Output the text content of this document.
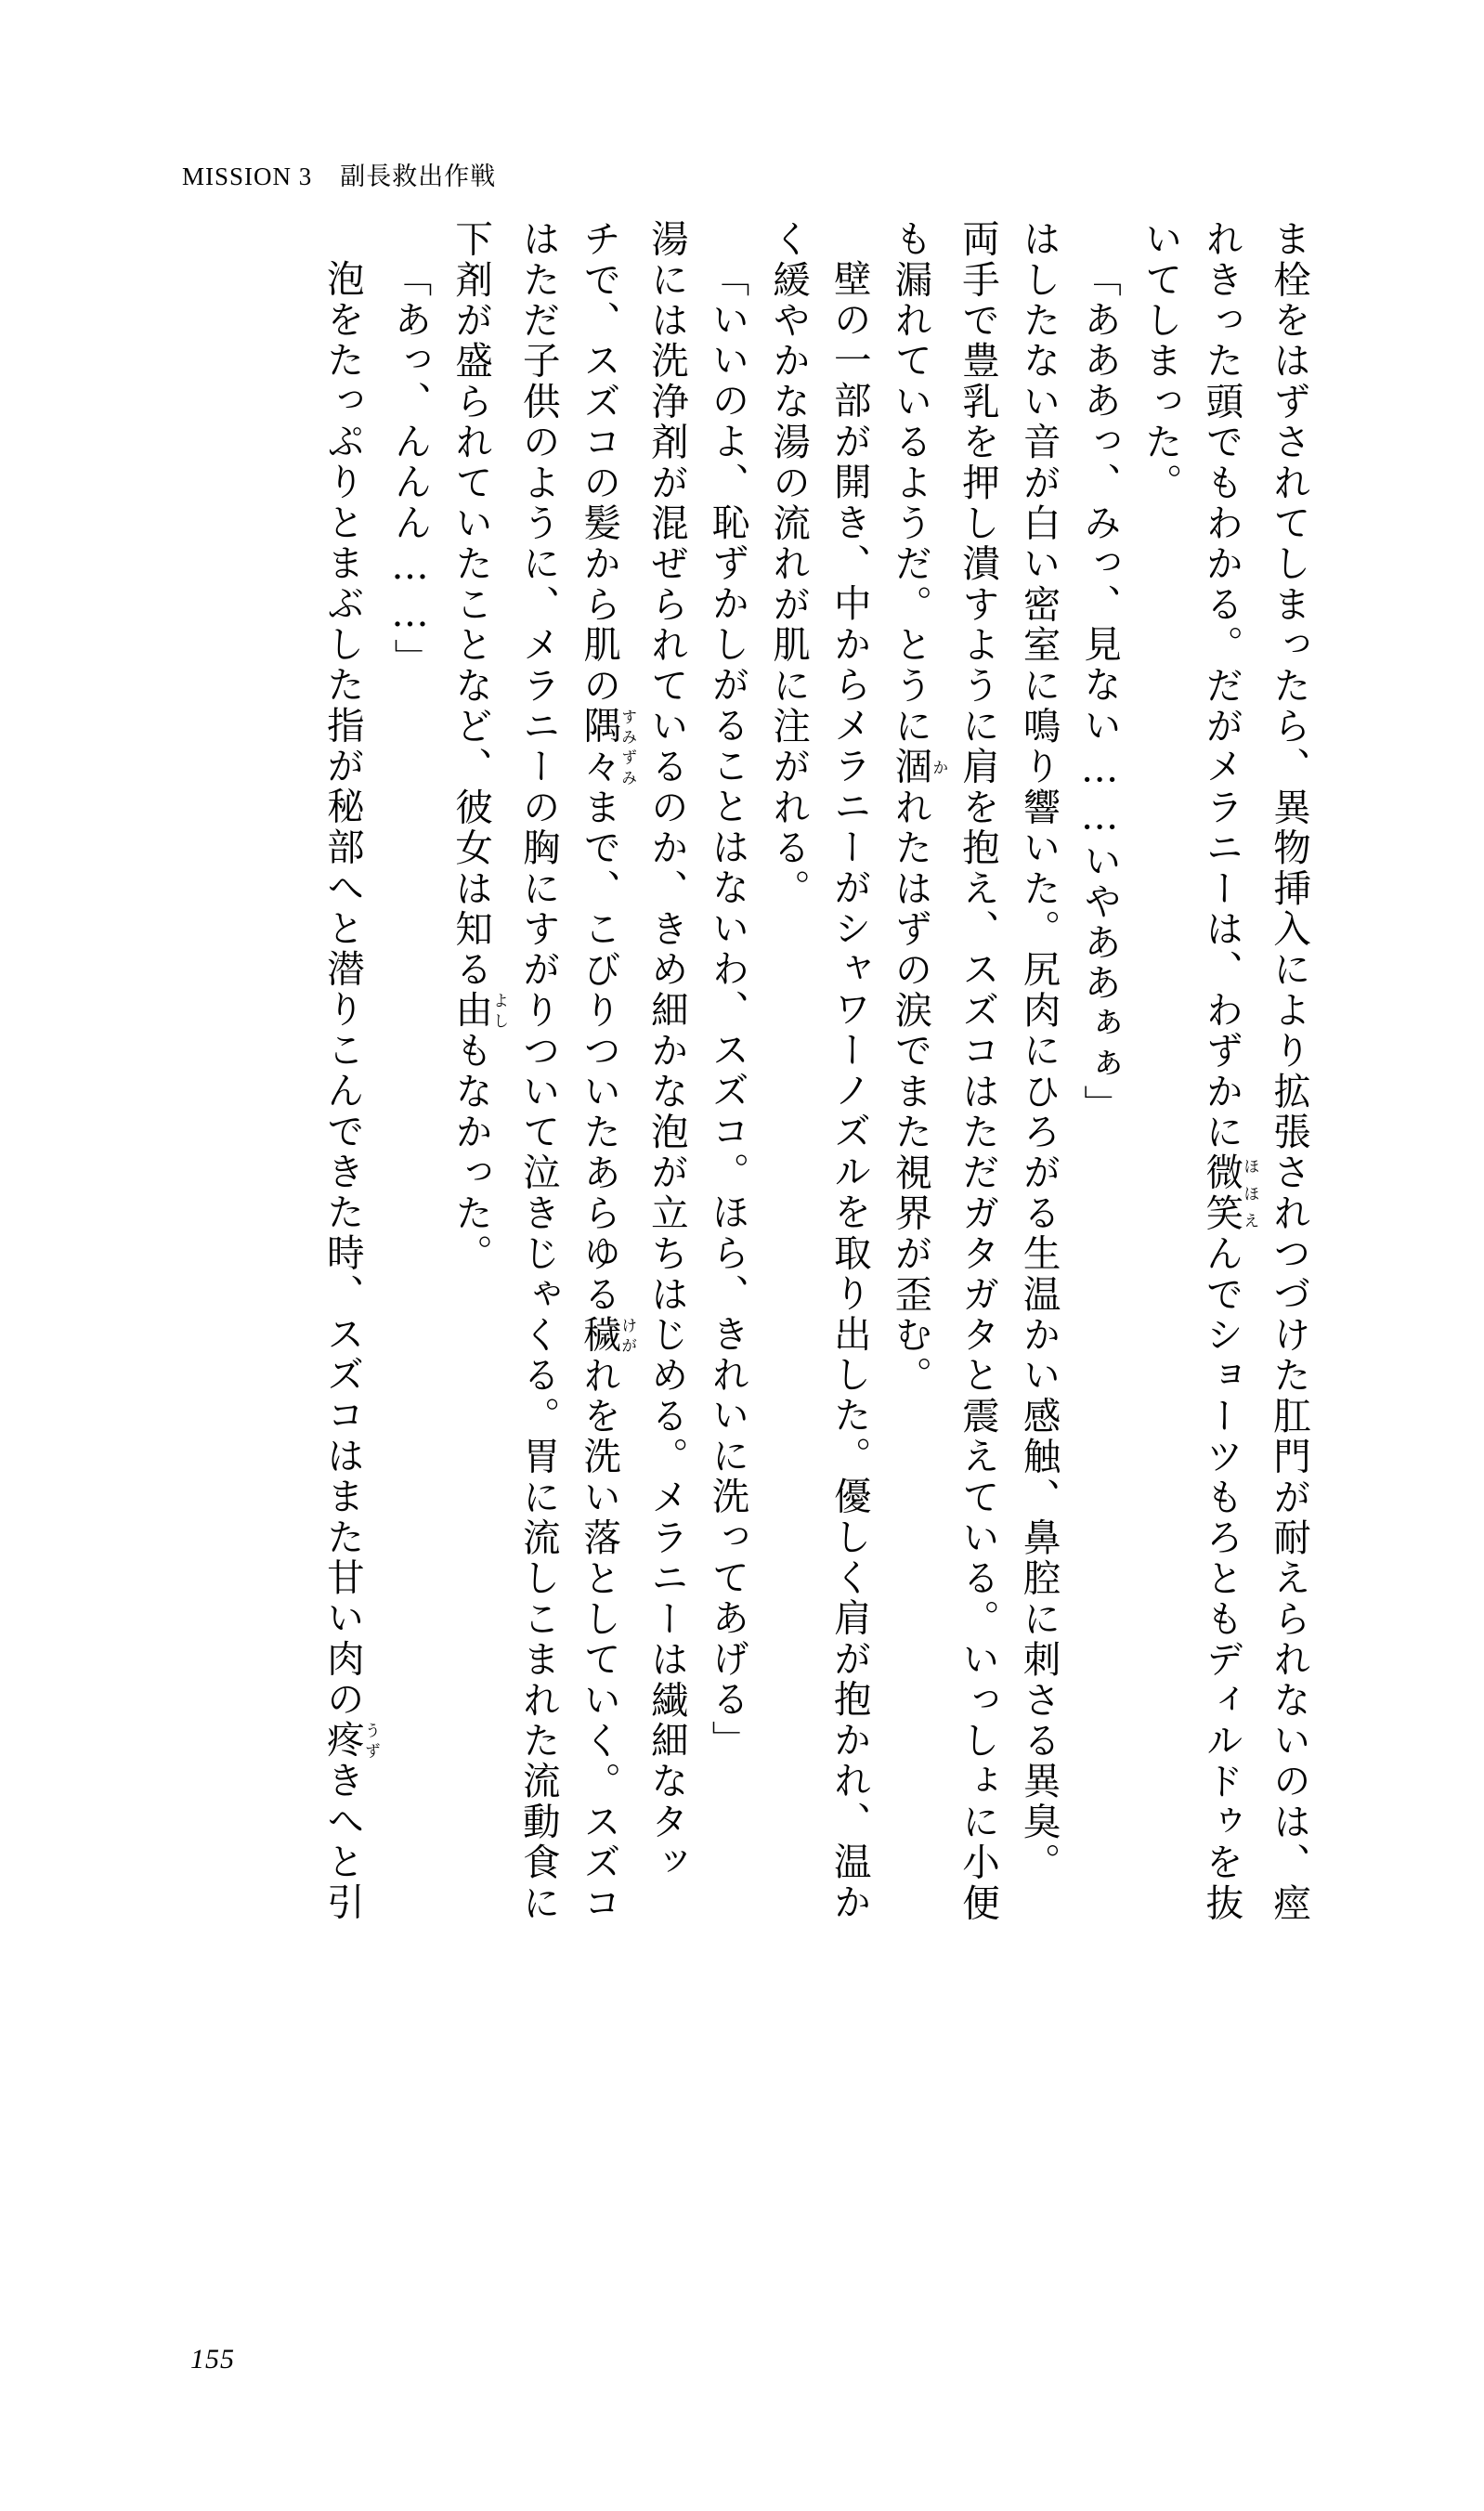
MISSION 3 副長救出作戦

ま栓をはずされてしまったら、異物挿入により拡張されつづけた肛門が耐えられないのは、痙

れきった頭でもわかる。だがメラニーは、わずかに微笑ほほえんでショーツもろともディルドゥを抜

いてしまった。

「あああっ、みっ、見ない……いやああぁぁ」

はしたない音が白い密室に鳴り響いた。尻肉にひろがる生温かい感触、鼻腔に刺さる異臭。

両手で豊乳を押し潰すように肩を抱え、スズコはただガタガタと震えている。いっしょに小便

も漏れているようだ。とうに涸かれたはずの涙でまた視界が歪む。

壁の一部が開き、中からメラニーがシャワーノズルを取り出した。優しく肩が抱かれ、温か

く緩やかな湯の流れが肌に注がれる。

「いいのよ、恥ずかしがることはないわ、スズコ。ほら、きれいに洗ってあげる」

湯には洗浄剤が混ぜられているのか、きめ細かな泡が立ちはじめる。メラニーは繊細なタッ

チで、スズコの髪から肌の隅々すみずみまで、こびりついたあらゆる穢けがれを洗い落としていく。スズコ

はただ子供のように、メラニーの胸にすがりついて泣きじゃくる。胃に流しこまれた流動食に

下剤が盛られていたことなど、彼女は知る由よしもなかった。

「あっ、んんん……」

泡をたっぷりとまぶした指が秘部へと潜りこんできた時、スズコはまた甘い肉の疼うずきへと引

155
